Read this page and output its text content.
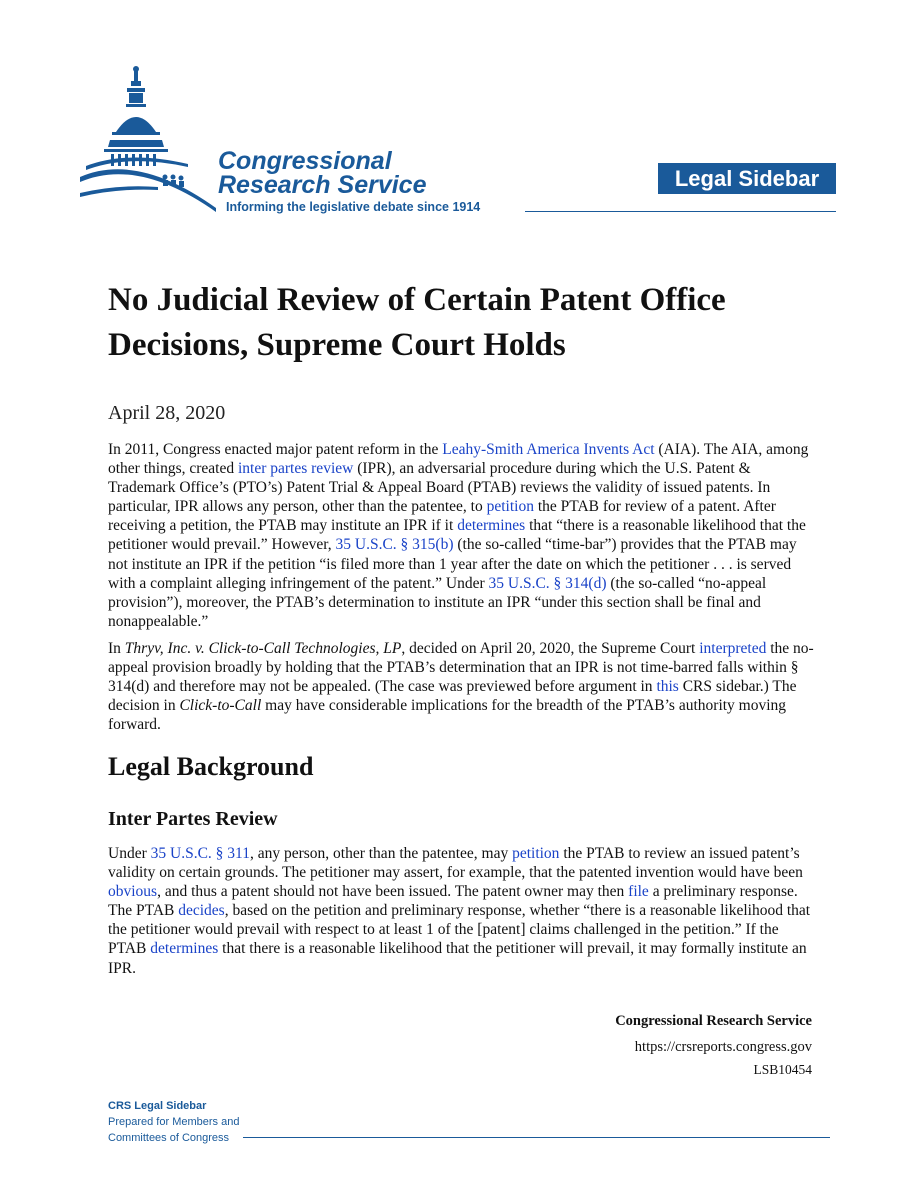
Congressional
Research Service
Informing the legislative debate since 1914
Legal Sidebar
No Judicial Review of Certain Patent Office Decisions, Supreme Court Holds
April 28, 2020

In 2011, Congress enacted major patent reform in the Leahy-Smith America Invents Act (AIA). The AIA, among other things, created inter partes review (IPR), an adversarial procedure during which the U.S. Patent & Trademark Office’s (PTO’s) Patent Trial & Appeal Board (PTAB) reviews the validity of issued patents. In particular, IPR allows any person, other than the patentee, to petition the PTAB for review of a patent. After receiving a petition, the PTAB may institute an IPR if it determines that “there is a reasonable likelihood that the petitioner would prevail.” However, 35 U.S.C. § 315(b) (the so-called “time-bar”) provides that the PTAB may not institute an IPR if the petition “is filed more than 1 year after the date on which the petitioner . . . is served with a complaint alleging infringement of the patent.” Under 35 U.S.C. § 314(d) (the so-called “no-appeal provision”), moreover, the PTAB’s determination to institute an IPR “under this section shall be final and nonappealable.”

In Thryv, Inc. v. Click-to-Call Technologies, LP, decided on April 20, 2020, the Supreme Court interpreted the no-appeal provision broadly by holding that the PTAB’s determination that an IPR is not time-barred falls within § 314(d) and therefore may not be appealed. (The case was previewed before argument in this CRS sidebar.) The decision in Click-to-Call may have considerable implications for the breadth of the PTAB’s authority moving forward.

Legal Background
Inter Partes Review

Under 35 U.S.C. § 311, any person, other than the patentee, may petition the PTAB to review an issued patent’s validity on certain grounds. The petitioner may assert, for example, that the patented invention would have been obvious, and thus a patent should not have been issued. The patent owner may then file a preliminary response. The PTAB decides, based on the petition and preliminary response, whether “there is a reasonable likelihood that the petitioner would prevail with respect to at least 1 of the [patent] claims challenged in the petition.” If the PTAB determines that there is a reasonable likelihood that the petitioner will prevail, it may formally institute an IPR.

Congressional Research Service
https://crsreports.congress.gov
LSB10454
CRS Legal Sidebar
Prepared for Members and
Committees of Congress
